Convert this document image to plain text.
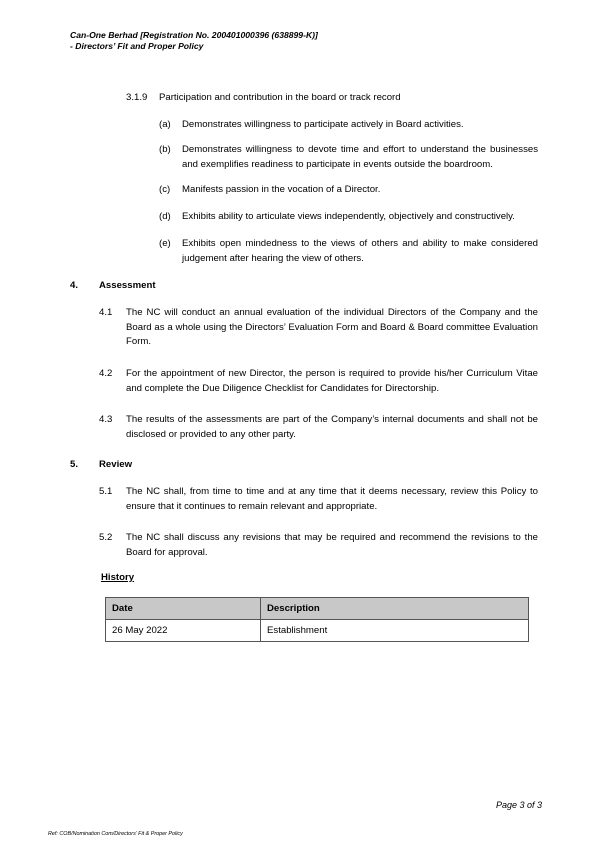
Can-One Berhad [Registration No. 200401000396 (638899-K)]
- Directors’ Fit and Proper Policy
3.1.9 Participation and contribution in the board or track record
(a) Demonstrates willingness to participate actively in Board activities.
(b) Demonstrates willingness to devote time and effort to understand the businesses and exemplifies readiness to participate in events outside the boardroom.
(c) Manifests passion in the vocation of a Director.
(d) Exhibits ability to articulate views independently, objectively and constructively.
(e) Exhibits open mindedness to the views of others and ability to make considered judgement after hearing the view of others.
4. Assessment
4.1 The NC will conduct an annual evaluation of the individual Directors of the Company and the Board as a whole using the Directors’ Evaluation Form and Board & Board committee Evaluation Form.
4.2 For the appointment of new Director, the person is required to provide his/her Curriculum Vitae and complete the Due Diligence Checklist for Candidates for Directorship.
4.3 The results of the assessments are part of the Company’s internal documents and shall not be disclosed or provided to any other party.
5. Review
5.1 The NC shall, from time to time and at any time that it deems necessary, review this Policy to ensure that it continues to remain relevant and appropriate.
5.2 The NC shall discuss any revisions that may be required and recommend the revisions to the Board for approval.
History
Date	Description
26 May 2022	Establishment
Page 3 of 3
Ref: COB/Nomination Com/Directors’ Fit & Proper Policy
